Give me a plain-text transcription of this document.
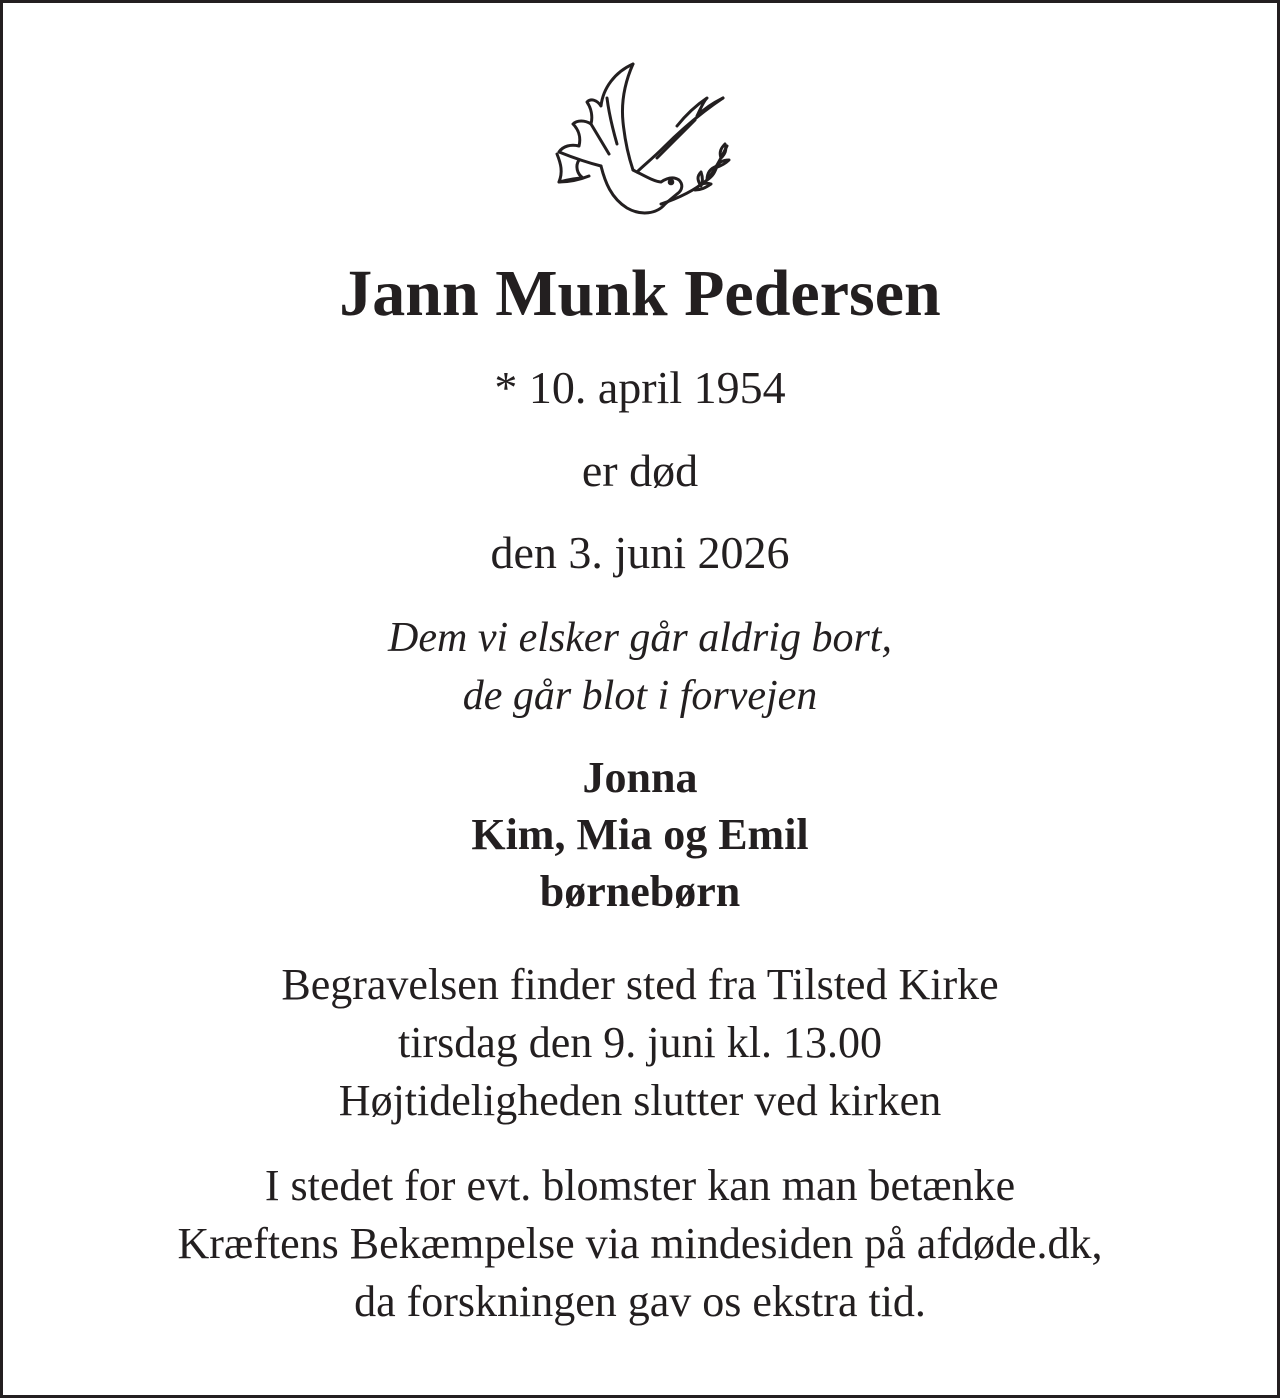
Jann Munk Pedersen
* 10. april 1954
er død
den 3. juni 2026
Dem vi elsker går aldrig bort,
de går blot i forvejen
Jonna
Kim, Mia og Emil
børnebørn
Begravelsen finder sted fra Tilsted Kirke
tirsdag den 9. juni kl. 13.00
Højtideligheden slutter ved kirken
I stedet for evt. blomster kan man betænke
Kræftens Bekæmpelse via mindesiden på afdøde.dk,
da forskningen gav os ekstra tid.
